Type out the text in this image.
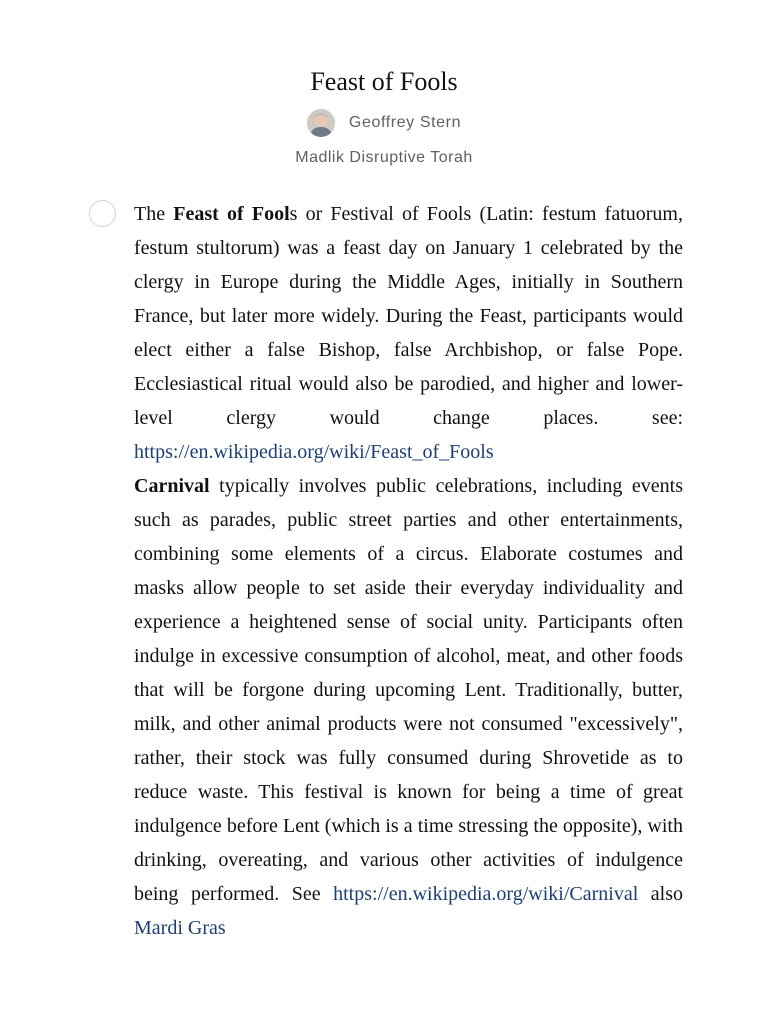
Feast of Fools
Geoffrey Stern
Madlik Disruptive Torah

The Feast of Fools or Festival of Fools (Latin: festum fatuorum, festum stultorum) was a feast day on January 1 celebrated by the clergy in Europe during the Middle Ages, initially in Southern France, but later more widely. During the Feast, participants would elect either a false Bishop, false Archbishop, or false Pope. Ecclesiastical ritual would also be parodied, and higher and lower-level clergy would change places. see: https://en.wikipedia.org/wiki/Feast_of_Fools

Carnival typically involves public celebrations, including events such as parades, public street parties and other entertainments, combining some elements of a circus. Elaborate costumes and masks allow people to set aside their everyday individuality and experience a heightened sense of social unity. Participants often indulge in excessive consumption of alcohol, meat, and other foods that will be forgone during upcoming Lent. Traditionally, butter, milk, and other animal products were not consumed "excessively", rather, their stock was fully consumed during Shrovetide as to reduce waste. This festival is known for being a time of great indulgence before Lent (which is a time stressing the opposite), with drinking, overeating, and various other activities of indulgence being performed. See https://en.wikipedia.org/wiki/Carnival also Mardi Gras
